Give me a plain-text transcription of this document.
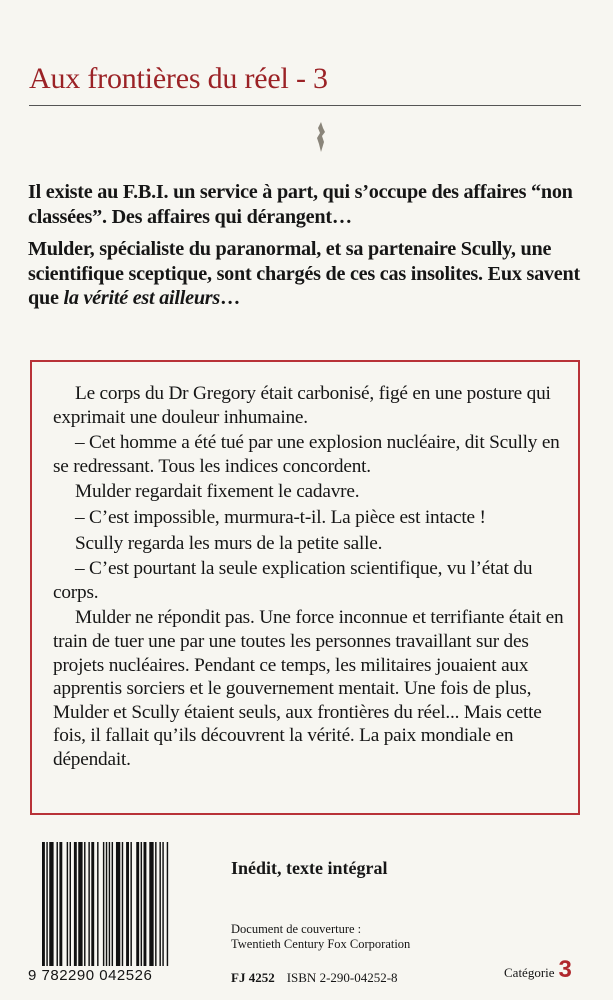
Aux frontières du réel - 3

Il existe au F.B.I. un service à part, qui s’occupe des affaires “non classées”. Des affaires qui dérangent…

Mulder, spécialiste du paranormal, et sa partenaire Scully, une scientifique sceptique, sont chargés de ces cas insolites. Eux savent que la vérité est ailleurs…

Le corps du Dr Gregory était carbonisé, figé en une posture qui exprimait une douleur inhumaine.

– Cet homme a été tué par une explosion nucléaire, dit Scully en se redressant. Tous les indices concordent.

Mulder regardait fixement le cadavre.

– C’est impossible, murmura-t-il. La pièce est intacte !

Scully regarda les murs de la petite salle.

– C’est pourtant la seule explication scientifique, vu l’état du corps.

Mulder ne répondit pas. Une force inconnue et terrifiante était en train de tuer une par une toutes les personnes travaillant sur des projets nucléaires. Pendant ce temps, les militaires jouaient aux apprentis sorciers et le gouvernement mentait. Une fois de plus, Mulder et Scully étaient seuls, aux frontières du réel... Mais cette fois, il fallait qu’ils découvrent la vérité. La paix mondiale en dépendait.

9 782290 042526
Inédit, texte intégral
Document de couverture :
Twentieth Century Fox Corporation
FJ 4252 ISBN 2-290-04252-8	Catégorie 3
